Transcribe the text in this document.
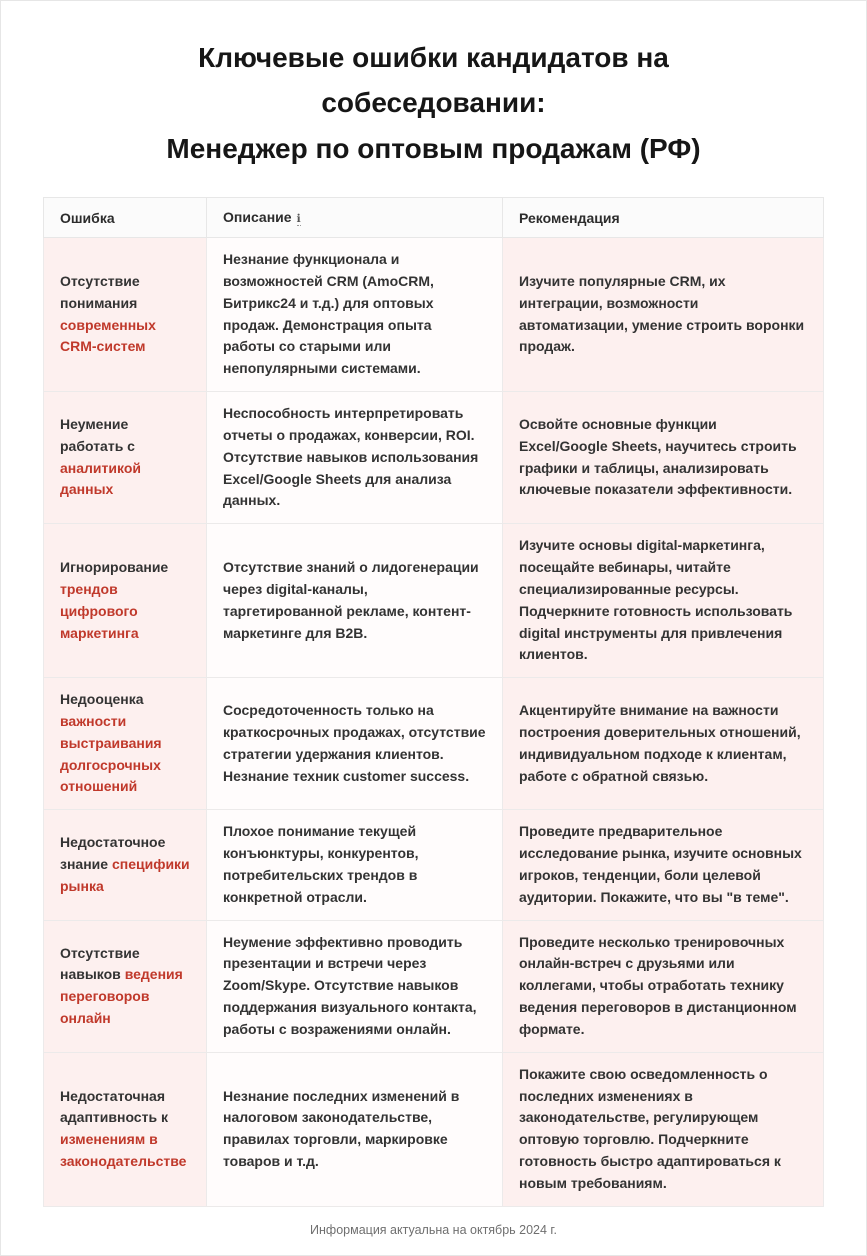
Ключевые ошибки кандидатов на собеседовании:
Менеджер по оптовым продажам (РФ)
Ошибка	Описание ℹ	Рекомендация
Отсутствие понимания современных CRM-систем	Незнание функционала и возможностей CRM (AmoCRM, Битрикс24 и т.д.) для оптовых продаж. Демонстрация опыта работы со старыми или непопулярными системами.	Изучите популярные CRM, их интеграции, возможности автоматизации, умение строить воронки продаж.
Неумение работать с аналитикой данных	Неспособность интерпретировать отчеты о продажах, конверсии, ROI. Отсутствие навыков использования Excel/Google Sheets для анализа данных.	Освойте основные функции Excel/Google Sheets, научитесь строить графики и таблицы, анализировать ключевые показатели эффективности.
Игнорирование трендов цифрового маркетинга	Отсутствие знаний о лидогенерации через digital-каналы, таргетированной рекламе, контент-маркетинге для B2B.	Изучите основы digital-маркетинга, посещайте вебинары, читайте специализированные ресурсы. Подчеркните готовность использовать digital инструменты для привлечения клиентов.
Недооценка важности выстраивания долгосрочных отношений	Сосредоточенность только на краткосрочных продажах, отсутствие стратегии удержания клиентов. Незнание техник customer success.	Акцентируйте внимание на важности построения доверительных отношений, индивидуальном подходе к клиентам, работе с обратной связью.
Недостаточное знание специфики рынка	Плохое понимание текущей конъюнктуры, конкурентов, потребительских трендов в конкретной отрасли.	Проведите предварительное исследование рынка, изучите основных игроков, тенденции, боли целевой аудитории. Покажите, что вы "в теме".
Отсутствие навыков ведения переговоров онлайн	Неумение эффективно проводить презентации и встречи через Zoom/Skype. Отсутствие навыков поддержания визуального контакта, работы с возражениями онлайн.	Проведите несколько тренировочных онлайн-встреч с друзьями или коллегами, чтобы отработать технику ведения переговоров в дистанционном формате.
Недостаточная адаптивность к изменениям в законодательстве	Незнание последних изменений в налоговом законодательстве, правилах торговли, маркировке товаров и т.д.	Покажите свою осведомленность о последних изменениях в законодательстве, регулирующем оптовую торговлю. Подчеркните готовность быстро адаптироваться к новым требованиям.
Информация актуальна на октябрь 2024 г.
